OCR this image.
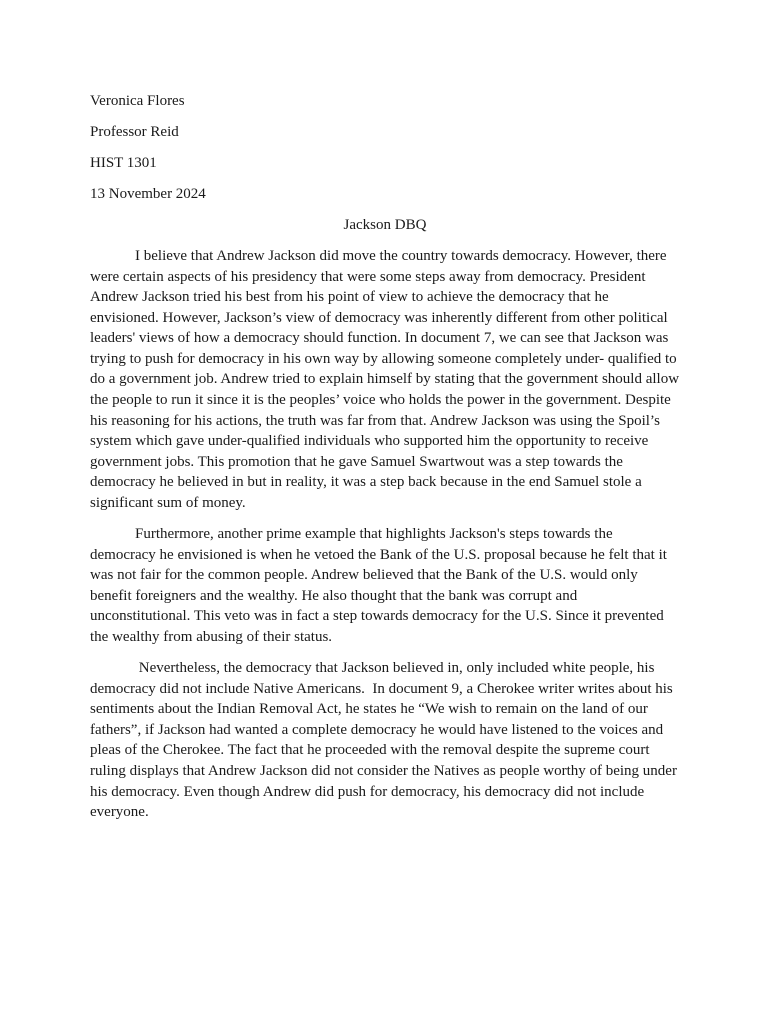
Veronica Flores
Professor Reid
HIST 1301
13 November 2024
Jackson DBQ

I believe that Andrew Jackson did move the country towards democracy. However, there were certain aspects of his presidency that were some steps away from democracy. President Andrew Jackson tried his best from his point of view to achieve the democracy that he envisioned. However, Jackson’s view of democracy was inherently different from other political leaders' views of how a democracy should function. In document 7, we can see that Jackson was trying to push for democracy in his own way by allowing someone completely under- qualified to do a government job. Andrew tried to explain himself by stating that the government should allow the people to run it since it is the peoples’ voice who holds the power in the government. Despite his reasoning for his actions, the truth was far from that. Andrew Jackson was using the Spoil’s system which gave under-qualified individuals who supported him the opportunity to receive government jobs. This promotion that he gave Samuel Swartwout was a step towards the democracy he believed in but in reality, it was a step back because in the end Samuel stole a significant sum of money.

Furthermore, another prime example that highlights Jackson's steps towards the democracy he envisioned is when he vetoed the Bank of the U.S. proposal because he felt that it was not fair for the common people. Andrew believed that the Bank of the U.S. would only benefit foreigners and the wealthy. He also thought that the bank was corrupt and unconstitutional. This veto was in fact a step towards democracy for the U.S. Since it prevented the wealthy from abusing of their status.

Nevertheless, the democracy that Jackson believed in, only included white people, his democracy did not include Native Americans.  In document 9, a Cherokee writer writes about his sentiments about the Indian Removal Act, he states he “We wish to remain on the land of our fathers”, if Jackson had wanted a complete democracy he would have listened to the voices and pleas of the Cherokee. The fact that he proceeded with the removal despite the supreme court ruling displays that Andrew Jackson did not consider the Natives as people worthy of being under his democracy. Even though Andrew did push for democracy, his democracy did not include everyone.
